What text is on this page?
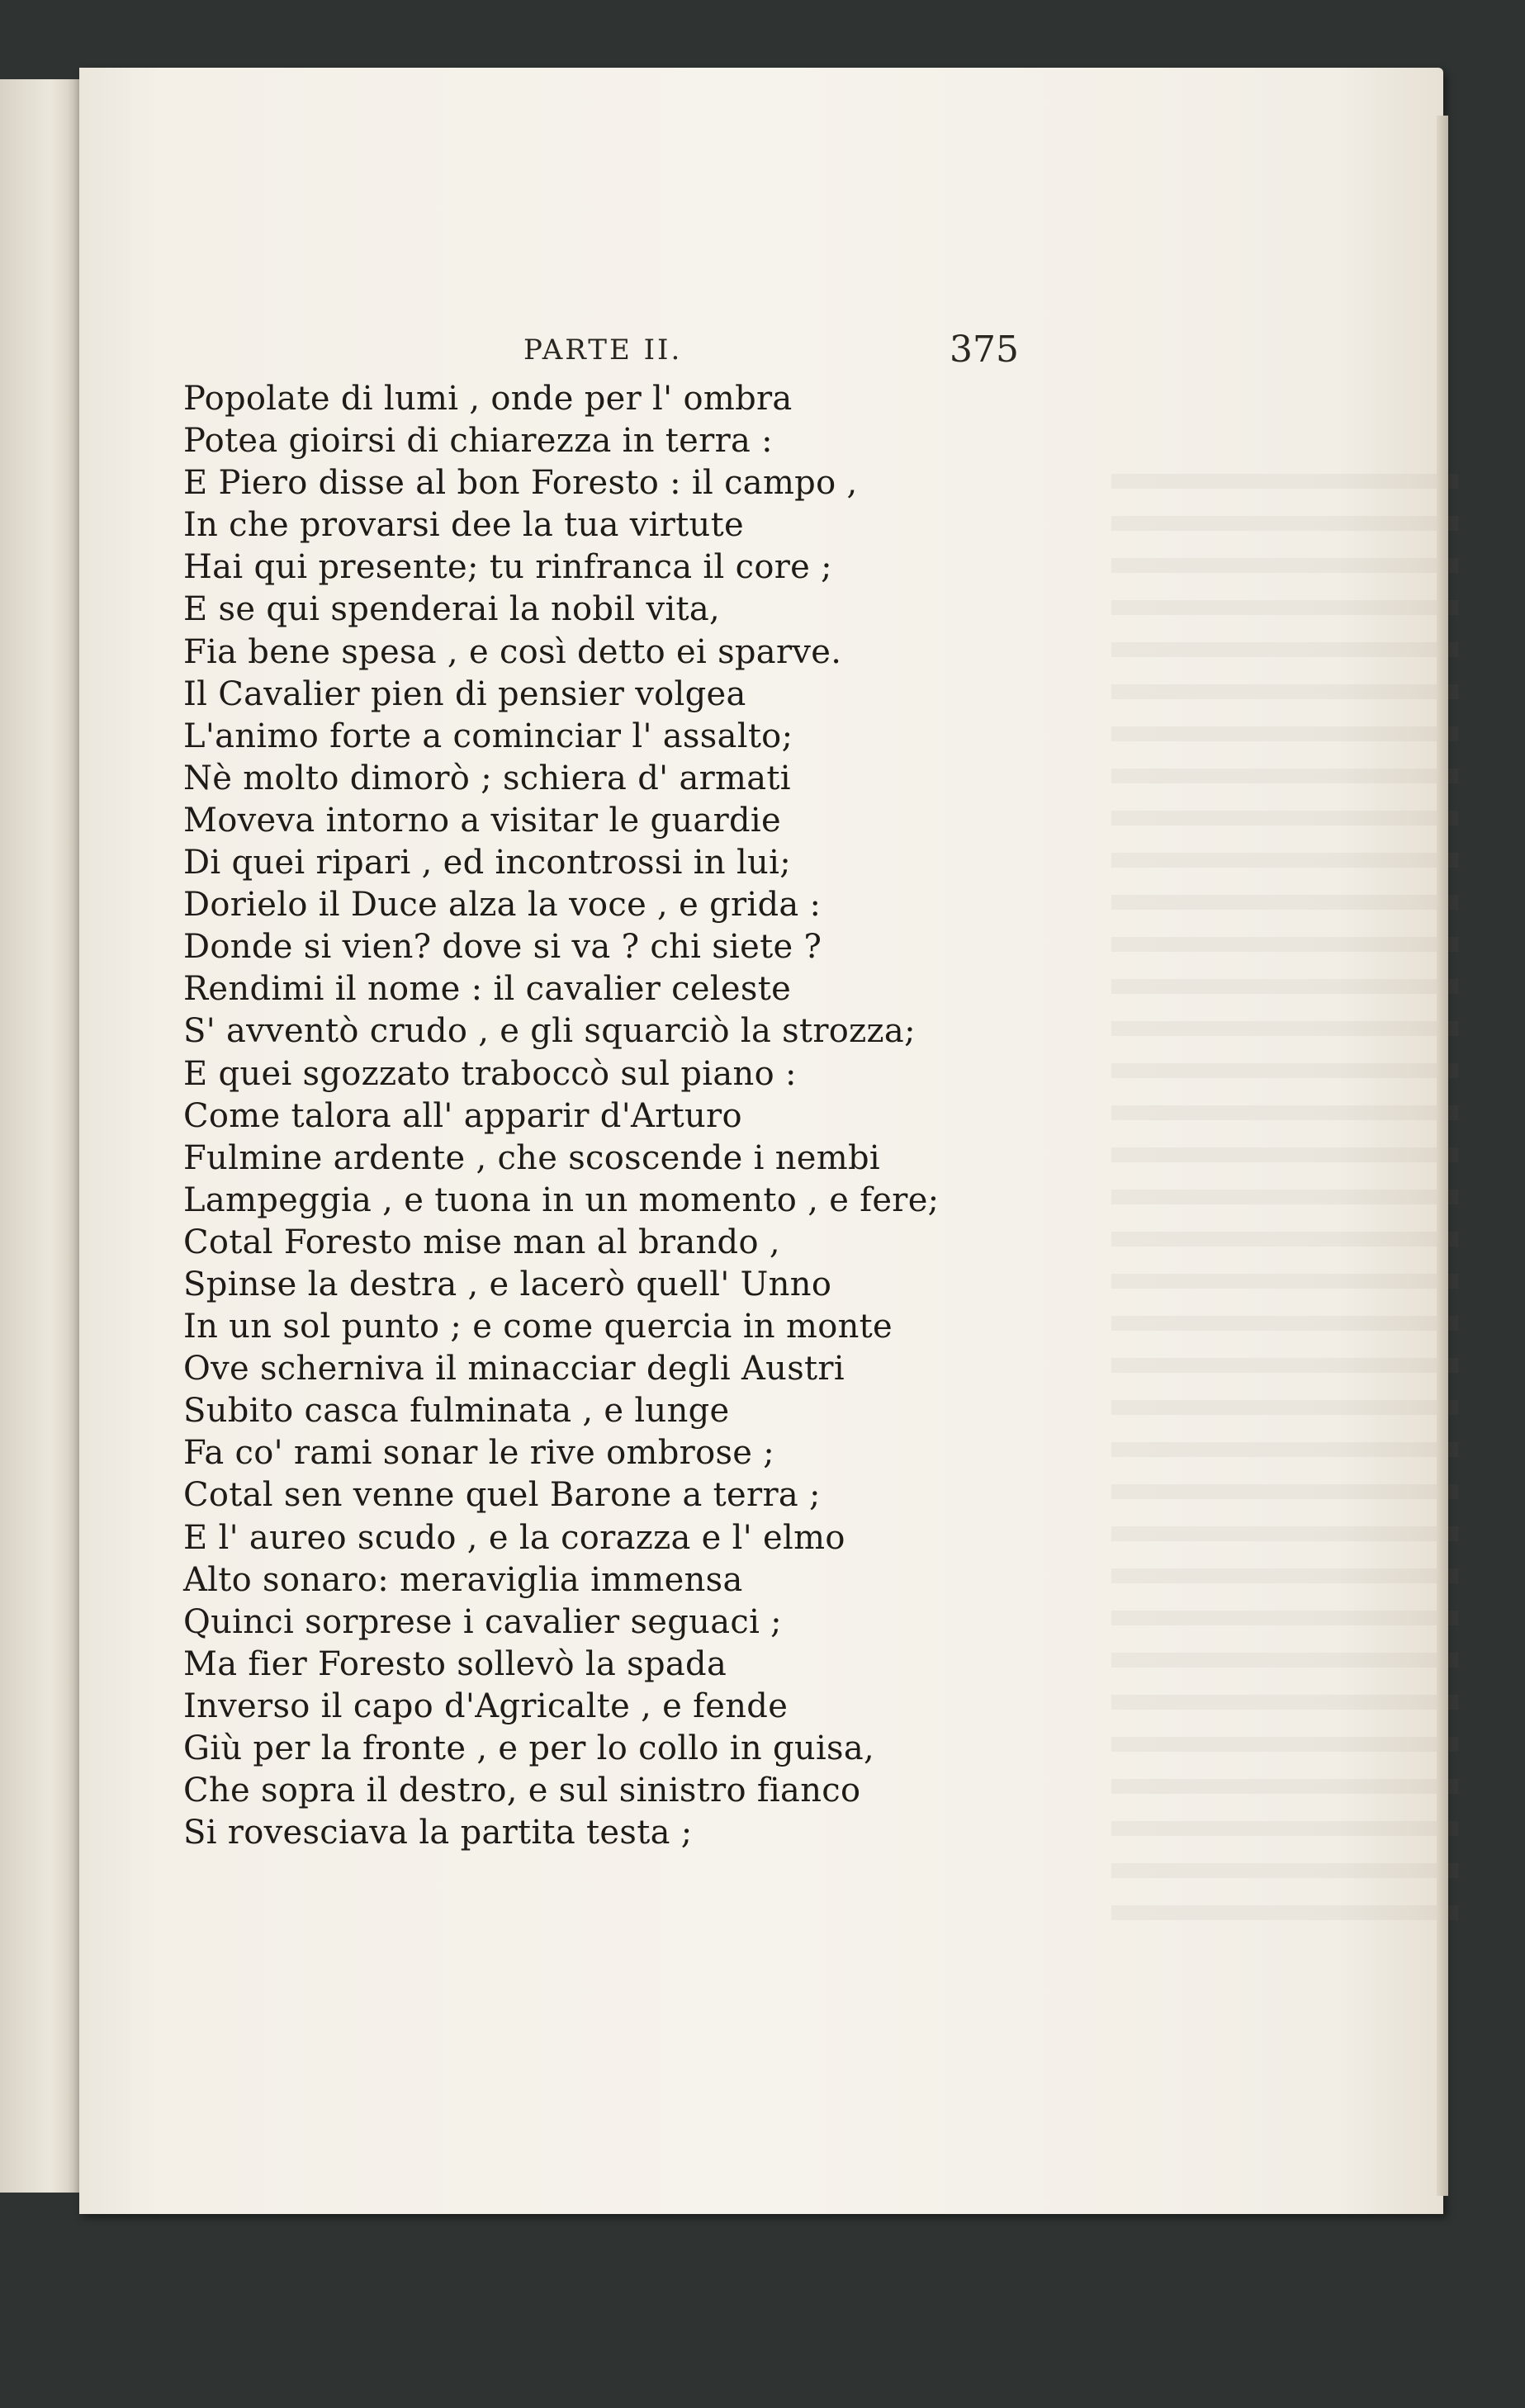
PARTE II.	375
Popolate di lumi , onde per l' ombra
Potea gioirsi di chiarezza in terra :
E Piero disse al bon Foresto : il campo ,
In che provarsi dee la tua virtute
Hai qui presente; tu rinfranca il core ;
E se qui spenderai la nobil vita,
Fia bene spesa , e così detto ei sparve.
Il Cavalier pien di pensier volgea
L'animo forte a cominciar l' assalto;
Nè molto dimorò ; schiera d' armati
Moveva intorno a visitar le guardie
Di quei ripari , ed incontrossi in lui;
Dorielo il Duce alza la voce , e grida :
Donde si vien? dove si va ? chi siete ?
Rendimi il nome : il cavalier celeste
S' avventò crudo , e gli squarciò la strozza;
E quei sgozzato traboccò sul piano :
Come talora all' apparir d'Arturo
Fulmine ardente , che scoscende i nembi
Lampeggia , e tuona in un momento , e fere;
Cotal Foresto mise man al brando ,
Spinse la destra , e lacerò quell' Unno
In un sol punto ; e come quercia in monte
Ove scherniva il minacciar degli Austri
Subito casca fulminata , e lunge
Fa co' rami sonar le rive ombrose ;
Cotal sen venne quel Barone a terra ;
E l' aureo scudo , e la corazza e l' elmo
Alto sonaro: meraviglia immensa
Quinci sorprese i cavalier seguaci ;
Ma fier Foresto sollevò la spada
Inverso il capo d'Agricalte , e fende
Giù per la fronte , e per lo collo in guisa,
Che sopra il destro, e sul sinistro fianco
Si rovesciava la partita testa ;
